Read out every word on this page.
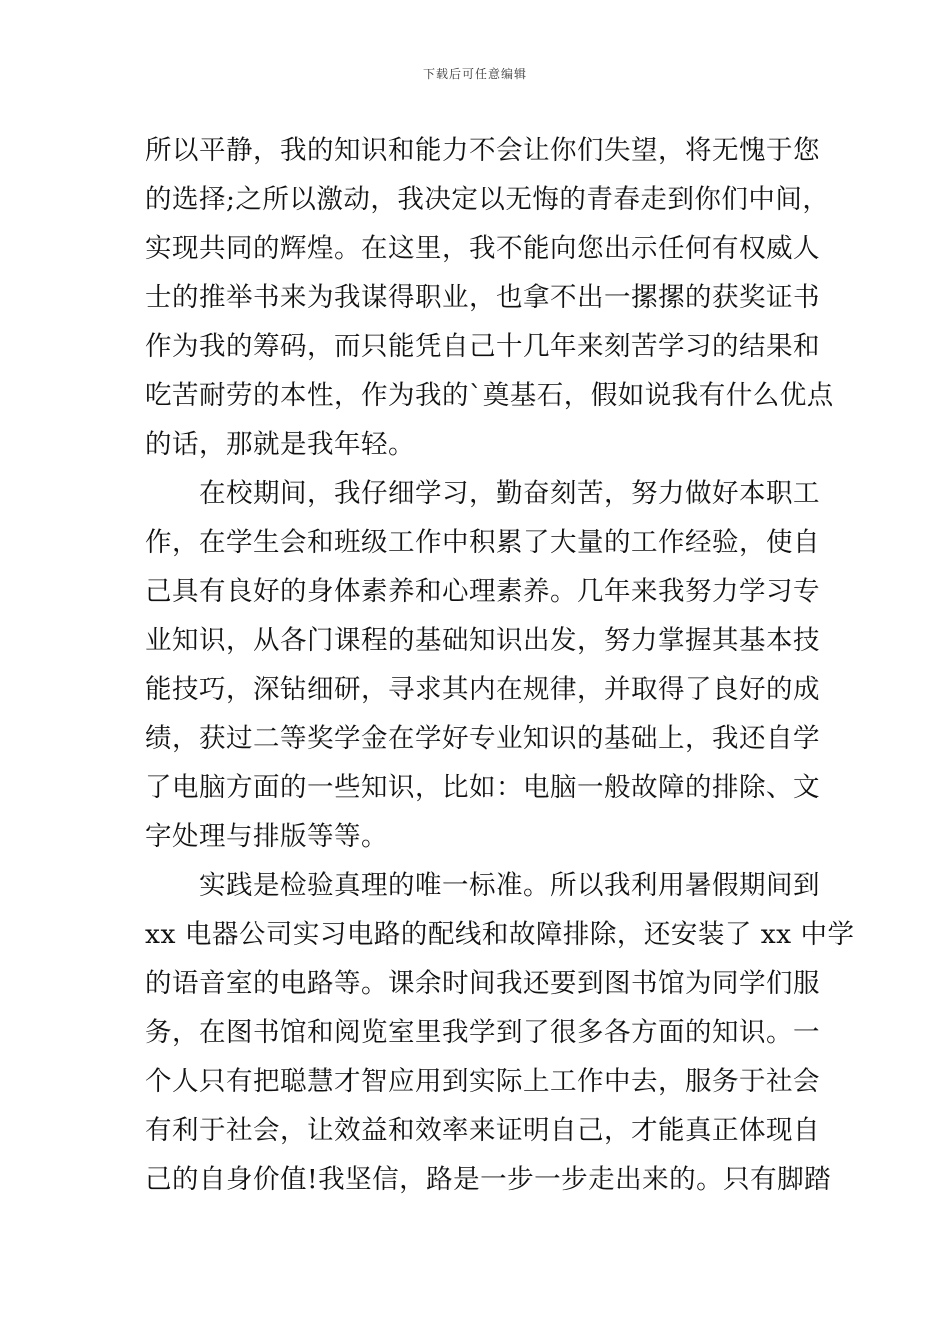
下载后可任意编辑
所以平静，我的知识和能力不会让你们失望，将无愧于您
的选择;之所以激动，我决定以无悔的青春走到你们中间，
实现共同的辉煌。在这里，我不能向您出示任何有权威人
士的推举书来为我谋得职业，也拿不出一摞摞的获奖证书
作为我的筹码，而只能凭自己十几年来刻苦学习的结果和
吃苦耐劳的本性，作为我的`奠基石，假如说我有什么优点
的话，那就是我年轻。
　　在校期间，我仔细学习，勤奋刻苦，努力做好本职工
作，在学生会和班级工作中积累了大量的工作经验，使自
己具有良好的身体素养和心理素养。几年来我努力学习专
业知识，从各门课程的基础知识出发，努力掌握其基本技
能技巧，深钻细研，寻求其内在规律，并取得了良好的成
绩，获过二等奖学金在学好专业知识的基础上，我还自学
了电脑方面的一些知识，比如：电脑一般故障的排除、文
字处理与排版等等。
　　实践是检验真理的唯一标准。所以我利用暑假期间到
xx 电器公司实习电路的配线和故障排除，还安装了 xx 中学
的语音室的电路等。课余时间我还要到图书馆为同学们服
务，在图书馆和阅览室里我学到了很多各方面的知识。一
个人只有把聪慧才智应用到实际上工作中去，服务于社会
有利于社会，让效益和效率来证明自己，才能真正体现自
己的自身价值!我坚信，路是一步一步走出来的。只有脚踏
